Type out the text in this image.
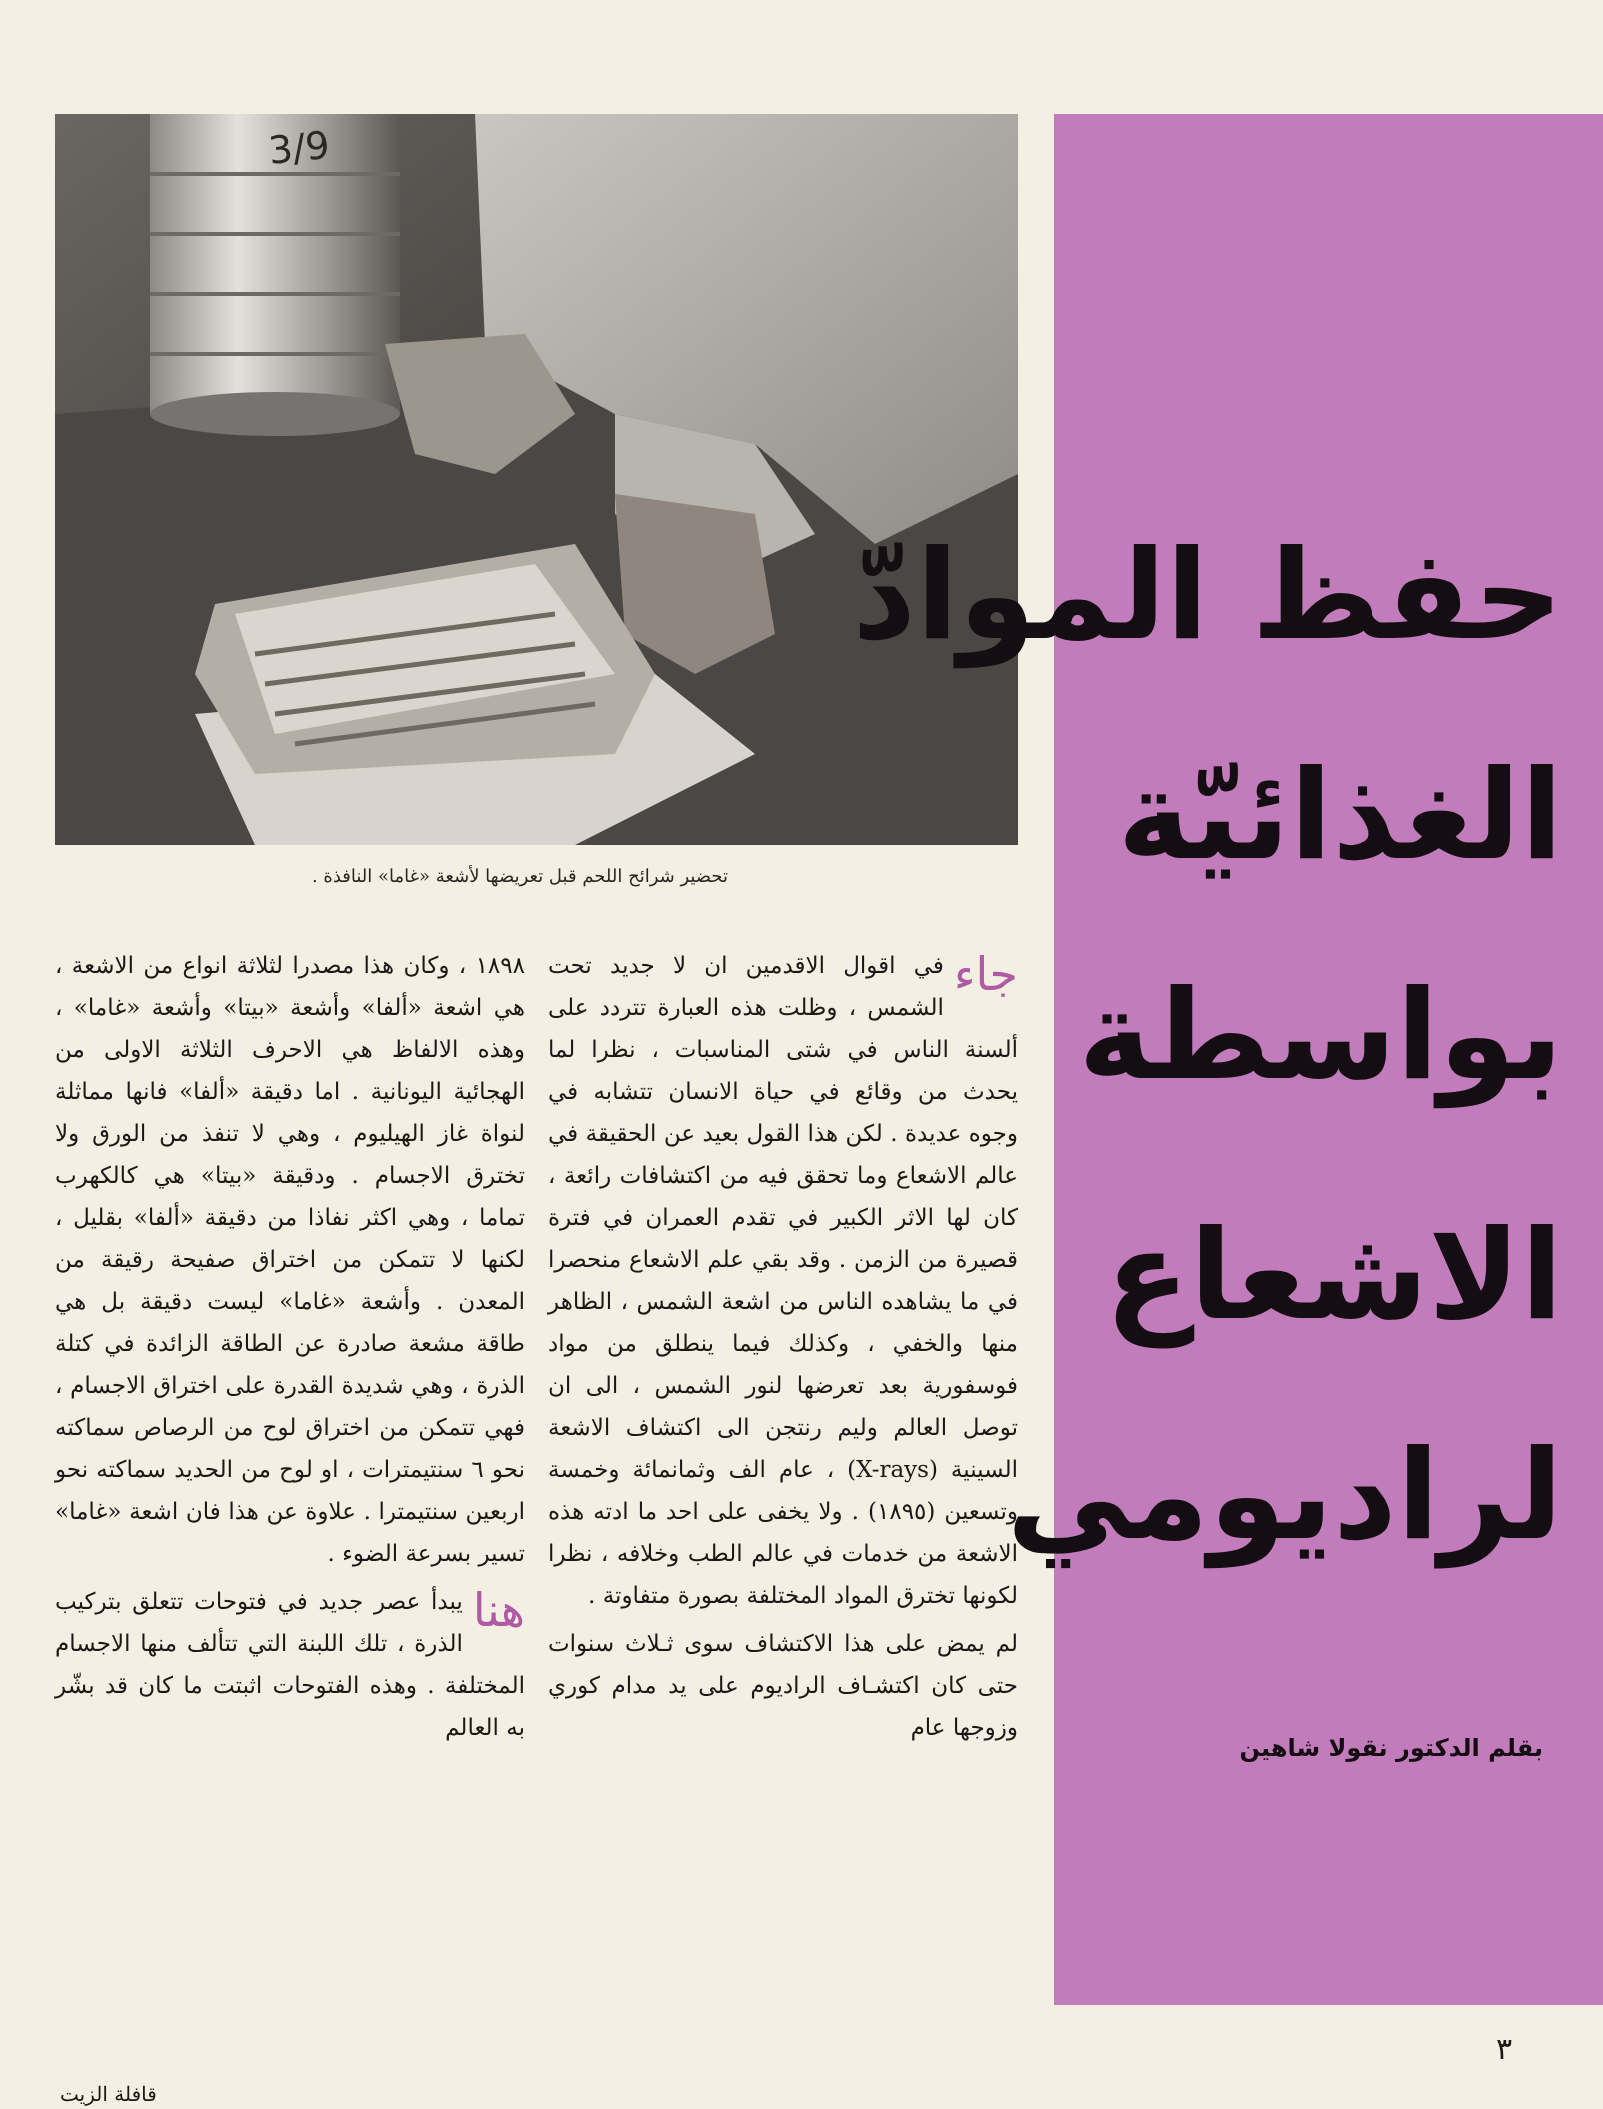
3/9
تحضير شرائح اللحم قبل تعريضها لأشعة «غاما» النافذة .
حفظ الموادّ
الغذائيّة
بواسطة
الاشعاع
لراديومي
بقلم الدكتور نقولا شاهين

جاء
في اقوال الاقدمين ان لا جديد تحت الشمس ، وظلت هذه العبارة تتردد على ألسنة الناس في شتى المناسبات ، نظرا لما يحدث من وقائع في حياة الانسان تتشابه في وجوه عديدة . لكن هذا القول بعيد عن الحقيقة في عالم الاشعاع وما تحقق فيه من اكتشافات رائعة ، كان لها الاثر الكبير في تقدم العمران في فترة قصيرة من الزمن . وقد بقي علم الاشعاع منحصرا في ما يشاهده الناس من اشعة الشمس ، الظاهر منها والخفي ، وكذلك فيما ينطلق من مواد فوسفورية بعد تعرضها لنور الشمس ، الى ان توصل العالم وليم رنتجن الى اكتشاف الاشعة السينية (X-rays) ، عام الف وثمانمائة وخمسة وتسعين (١٨٩٥) . ولا يخفى على احد ما ادته هذه الاشعة من خدمات في عالم الطب وخلافه ، نظرا لكونها تخترق المواد المختلفة بصورة متفاوتة .

لم يمض على هذا الاكتشاف سوى ثـلاث سنوات حتى كان اكتشـاف الراديوم على يد مدام كوري وزوجها عام

١٨٩٨ ، وكان هذا مصدرا لثلاثة انواع من الاشعة ، هي اشعة «ألفا» وأشعة «بيتا» وأشعة «غاما» ، وهذه الالفاظ هي الاحرف الثلاثة الاولى من الهجائية اليونانية . اما دقيقة «ألفا» فانها مماثلة لنواة غاز الهيليوم ، وهي لا تنفذ من الورق ولا تخترق الاجسام . ودقيقة «بيتا» هي كالكهرب تماما ، وهي اكثر نفاذا من دقيقة «ألفا» بقليل ، لكنها لا تتمكن من اختراق صفيحة رقيقة من المعدن . وأشعة «غاما» ليست دقيقة بل هي طاقة مشعة صادرة عن الطاقة الزائدة في كتلة الذرة ، وهي شديدة القدرة على اختراق الاجسام ، فهي تتمكن من اختراق لوح من الرصاص سماكته نحو ٦ سنتيمترات ، او لوح من الحديد سماكته نحو اربعين سنتيمترا . علاوة عن هذا فان اشعة «غاما» تسير بسرعة الضوء .

هنا
يبدأ عصر جديد في فتوحات تتعلق بتركيب الذرة ، تلك اللبنة التي تتألف منها الاجسام المختلفة . وهذه الفتوحات اثبتت ما كان قد بشّر به العالم

٣
قافلة الزيت
